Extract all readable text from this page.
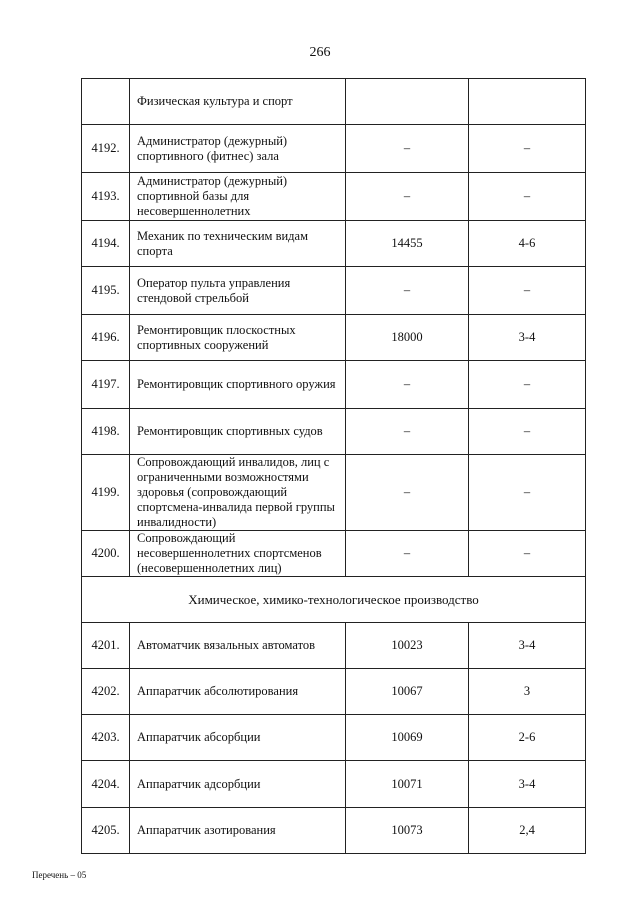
266
	Физическая культура и спорт		
4192.	Администратор (дежурный) спортивного (фитнес) зала	–	–
4193.	Администратор (дежурный) спортивной базы для несовершеннолетних	–	–
4194.	Механик по техническим видам спорта	14455	4-6
4195.	Оператор пульта управления стендовой стрельбой	–	–
4196.	Ремонтировщик плоскостных спортивных сооружений	18000	3-4
4197.	Ремонтировщик спортивного оружия	–	–
4198.	Ремонтировщик спортивных судов	–	–
4199.	Сопровождающий инвалидов, лиц с ограниченными возможностями здоровья (сопровождающий спортсмена-инвалида первой группы инвалидности)	–	–
4200.	Сопровождающий несовершеннолетних спортсменов (несовершеннолетних лиц)	–	–
Химическое, химико-технологическое производство			
4201.	Автоматчик вязальных автоматов	10023	3-4
4202.	Аппаратчик абсолютирования	10067	3
4203.	Аппаратчик абсорбции	10069	2-6
4204.	Аппаратчик адсорбции	10071	3-4
4205.	Аппаратчик азотирования	10073	2,4
Перечень – 05
